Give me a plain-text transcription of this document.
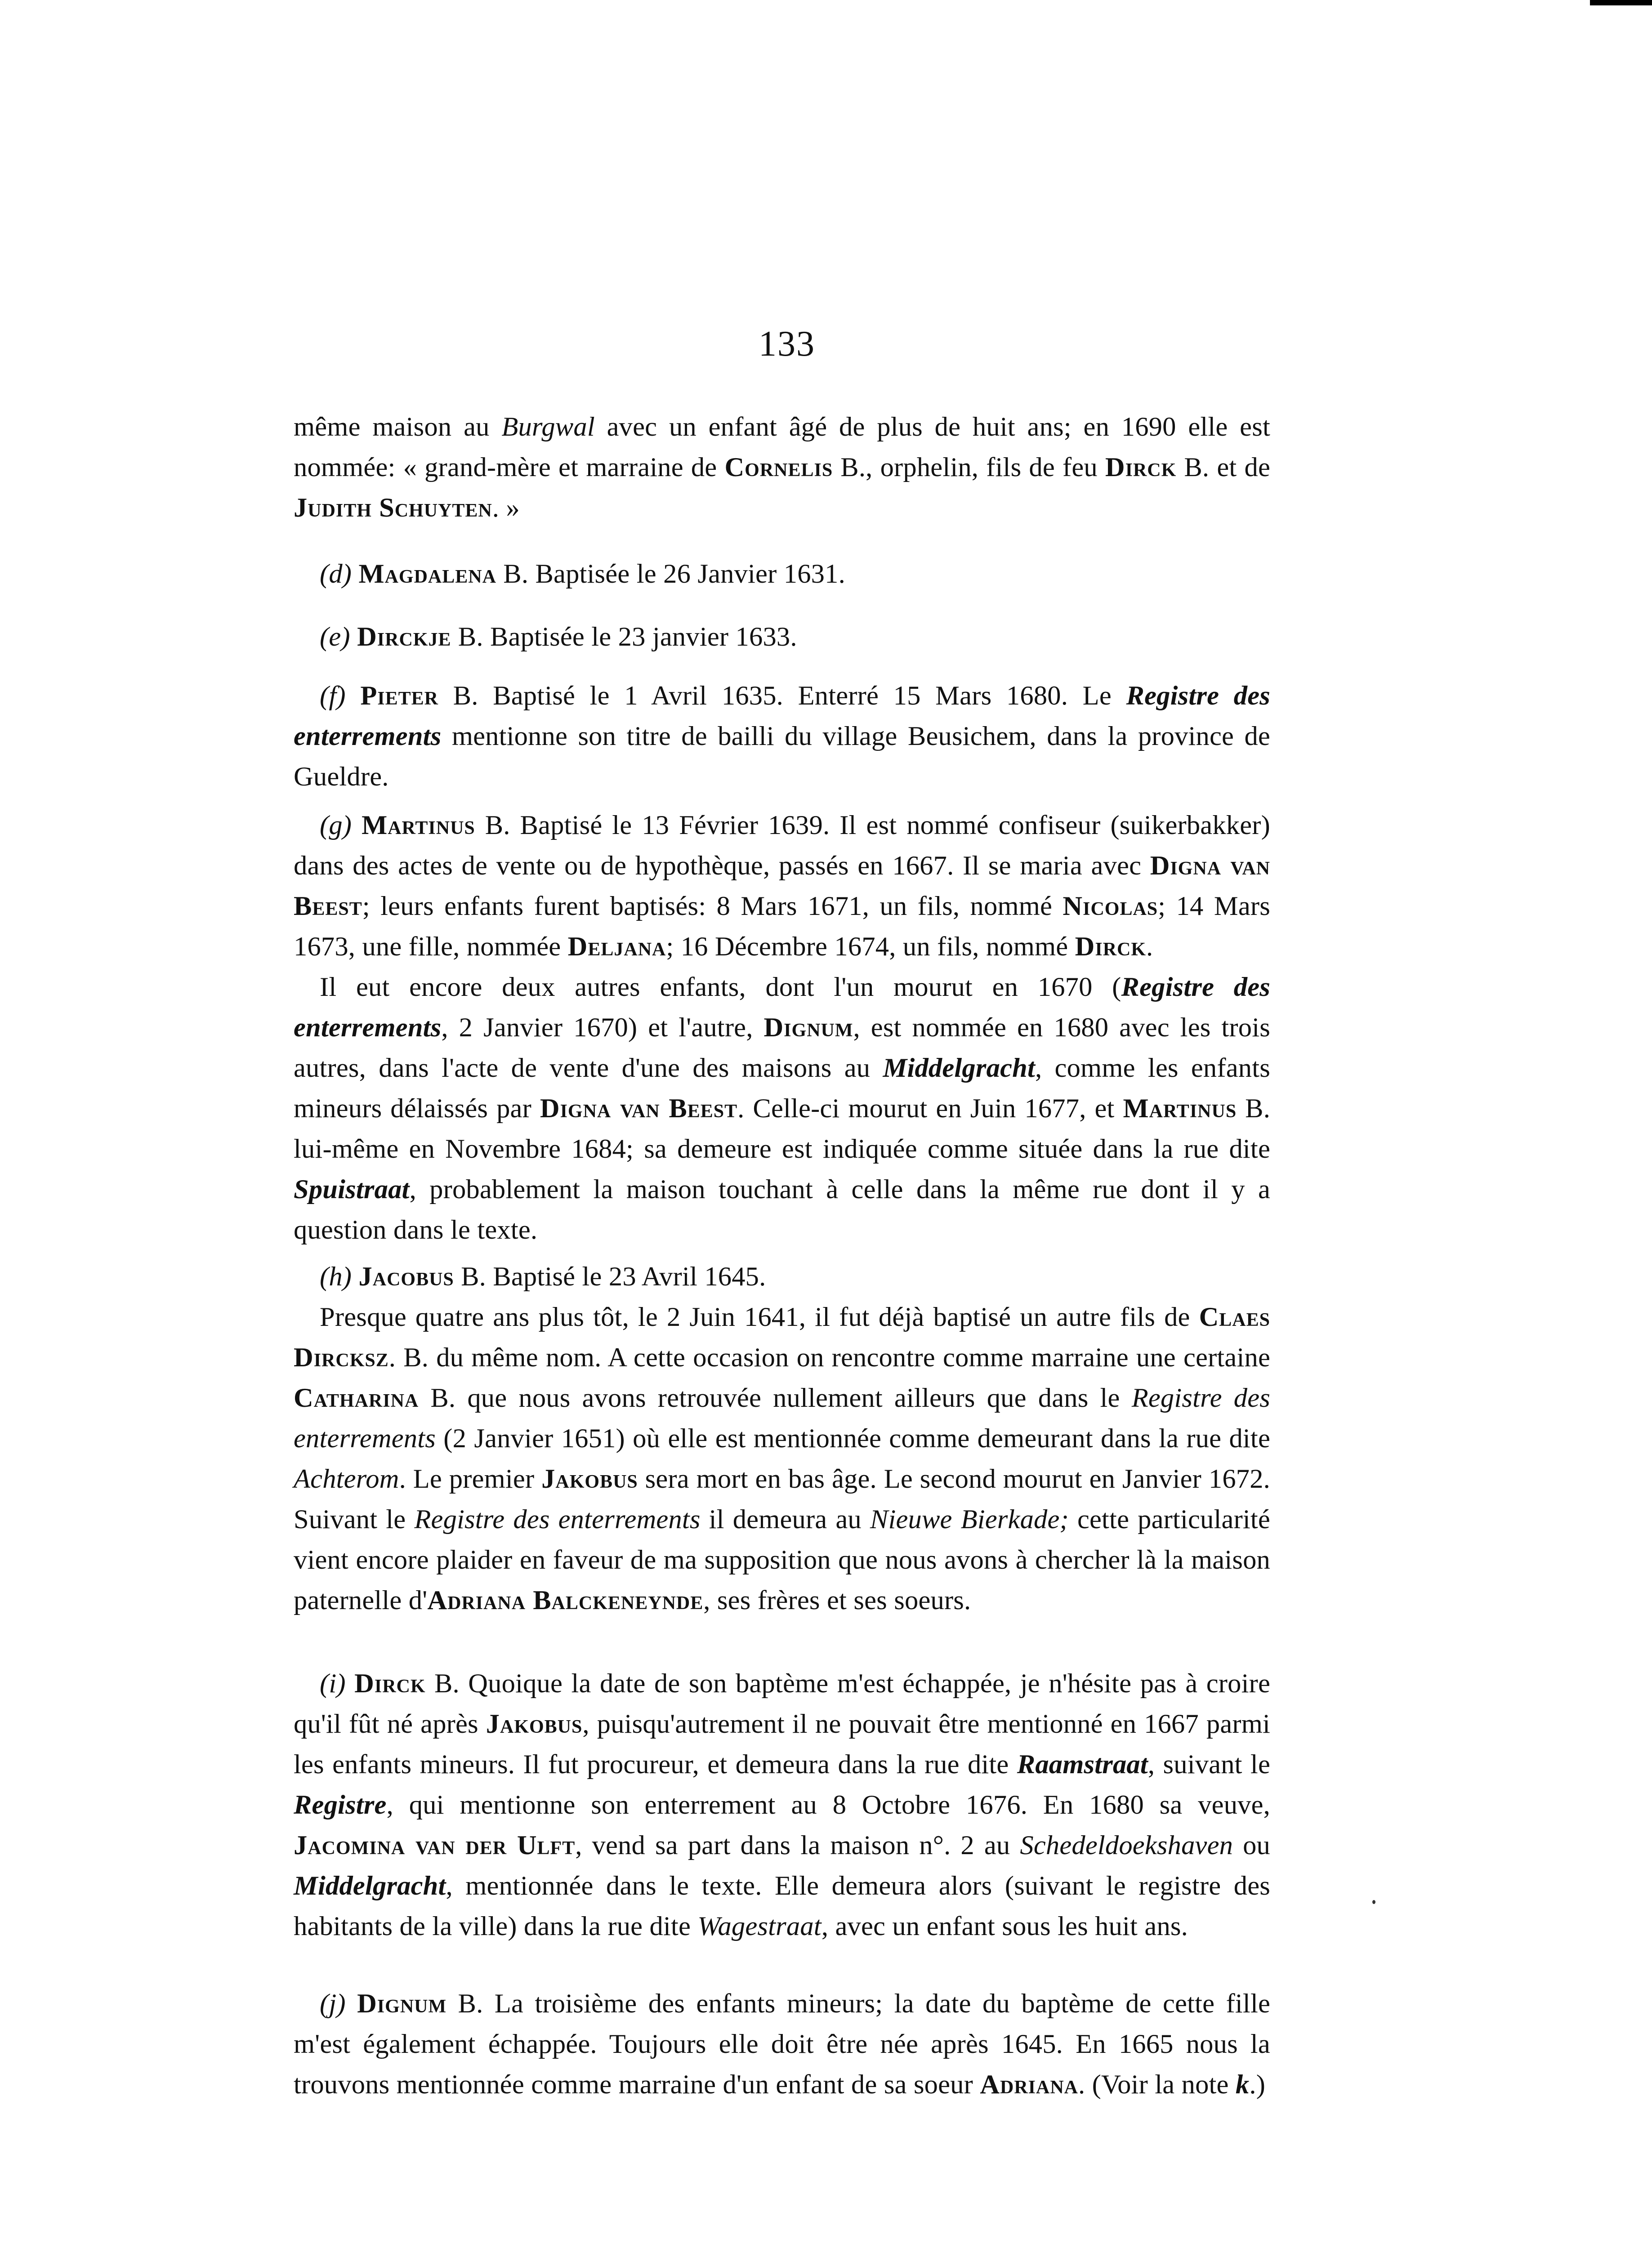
133

même maison au Burgwal avec un enfant âgé de plus de huit ans; en 1690 elle est nommée: « grand-mère et marraine de Cornelis B., orphelin, fils de feu Dirck B. et de Judith Schuyten. »

(d) Magdalena B. Baptisée le 26 Janvier 1631.

(e) Dirckje B. Baptisée le 23 janvier 1633.

(f) Pieter B. Baptisé le 1 Avril 1635. Enterré 15 Mars 1680. Le Registre des enterrements mentionne son titre de bailli du village Beusichem, dans la province de Gueldre.

(g) Martinus B. Baptisé le 13 Février 1639. Il est nommé confiseur (suikerbakker) dans des actes de vente ou de hypothèque, passés en 1667. Il se maria avec Digna van Beest; leurs enfants furent baptisés: 8 Mars 1671, un fils, nommé Nicolas; 14 Mars 1673, une fille, nommée Deljana; 16 Décembre 1674, un fils, nommé Dirck.

Il eut encore deux autres enfants, dont l'un mourut en 1670 (Registre des enterrements, 2 Janvier 1670) et l'autre, Dignum, est nommée en 1680 avec les trois autres, dans l'acte de vente d'une des maisons au Middelgracht, comme les enfants mineurs délaissés par Digna van Beest. Celle-ci mourut en Juin 1677, et Martinus B. lui-même en Novembre 1684; sa demeure est indiquée comme située dans la rue dite Spuistraat, probablement la maison touchant à celle dans la même rue dont il y a question dans le texte.

(h) Jacobus B. Baptisé le 23 Avril 1645.

Presque quatre ans plus tôt, le 2 Juin 1641, il fut déjà baptisé un autre fils de Claes Dircksz. B. du même nom. A cette occasion on rencontre comme marraine une certaine Catharina B. que nous avons retrouvée nullement ailleurs que dans le Registre des enterrements (2 Janvier 1651) où elle est mentionnée comme demeurant dans la rue dite Achterom. Le premier Jakobus sera mort en bas âge. Le second mourut en Janvier 1672. Suivant le Registre des enterrements il demeura au Nieuwe Bierkade; cette particularité vient encore plaider en faveur de ma supposition que nous avons à chercher là la maison paternelle d'Adriana Balckeneynde, ses frères et ses soeurs.

(i) Dirck B. Quoique la date de son baptème m'est échappée, je n'hésite pas à croire qu'il fût né après Jakobus, puisqu'autrement il ne pouvait être mentionné en 1667 parmi les enfants mineurs. Il fut procureur, et demeura dans la rue dite Raamstraat, suivant le Registre, qui mentionne son enterrement au 8 Octobre 1676. En 1680 sa veuve, Jacomina van der Ulft, vend sa part dans la maison n°. 2 au Schedeldoekshaven ou Middelgracht, mentionnée dans le texte. Elle demeura alors (suivant le registre des habitants de la ville) dans la rue dite Wagestraat, avec un enfant sous les huit ans.

(j) Dignum B. La troisième des enfants mineurs; la date du baptème de cette fille m'est également échappée. Toujours elle doit être née après 1645. En 1665 nous la trouvons mentionnée comme marraine d'un enfant de sa soeur Adriana. (Voir la note k.)
